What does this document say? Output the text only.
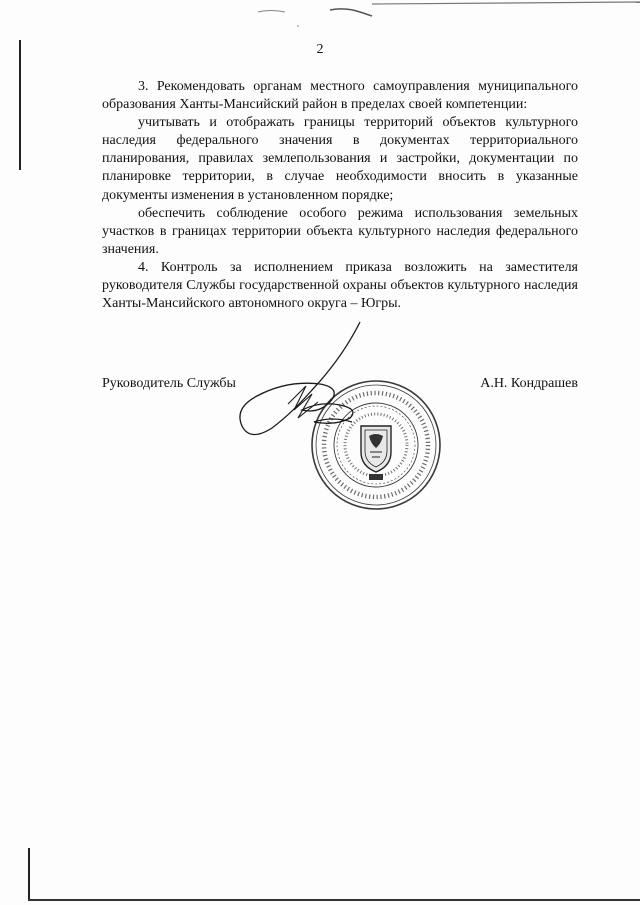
2

3. Рекомендовать органам местного самоуправления муниципального образования Ханты-Мансийский район в пределах своей компетенции:

учитывать и отображать границы территорий объектов культурного наследия федерального значения в документах территориального планирования, правилах землепользования и застройки, документации по планировке территории, в случае необходимости вносить в указанные документы изменения в установленном порядке;

обеспечить соблюдение особого режима использования земельных участков в границах территории объекта культурного наследия федерального значения.

4. Контроль за исполнением приказа возложить на заместителя руководителя Службы государственной охраны объектов культурного наследия Ханты-Мансийского автономного округа – Югры.

Руководитель Службы	А.Н. Кондрашев
